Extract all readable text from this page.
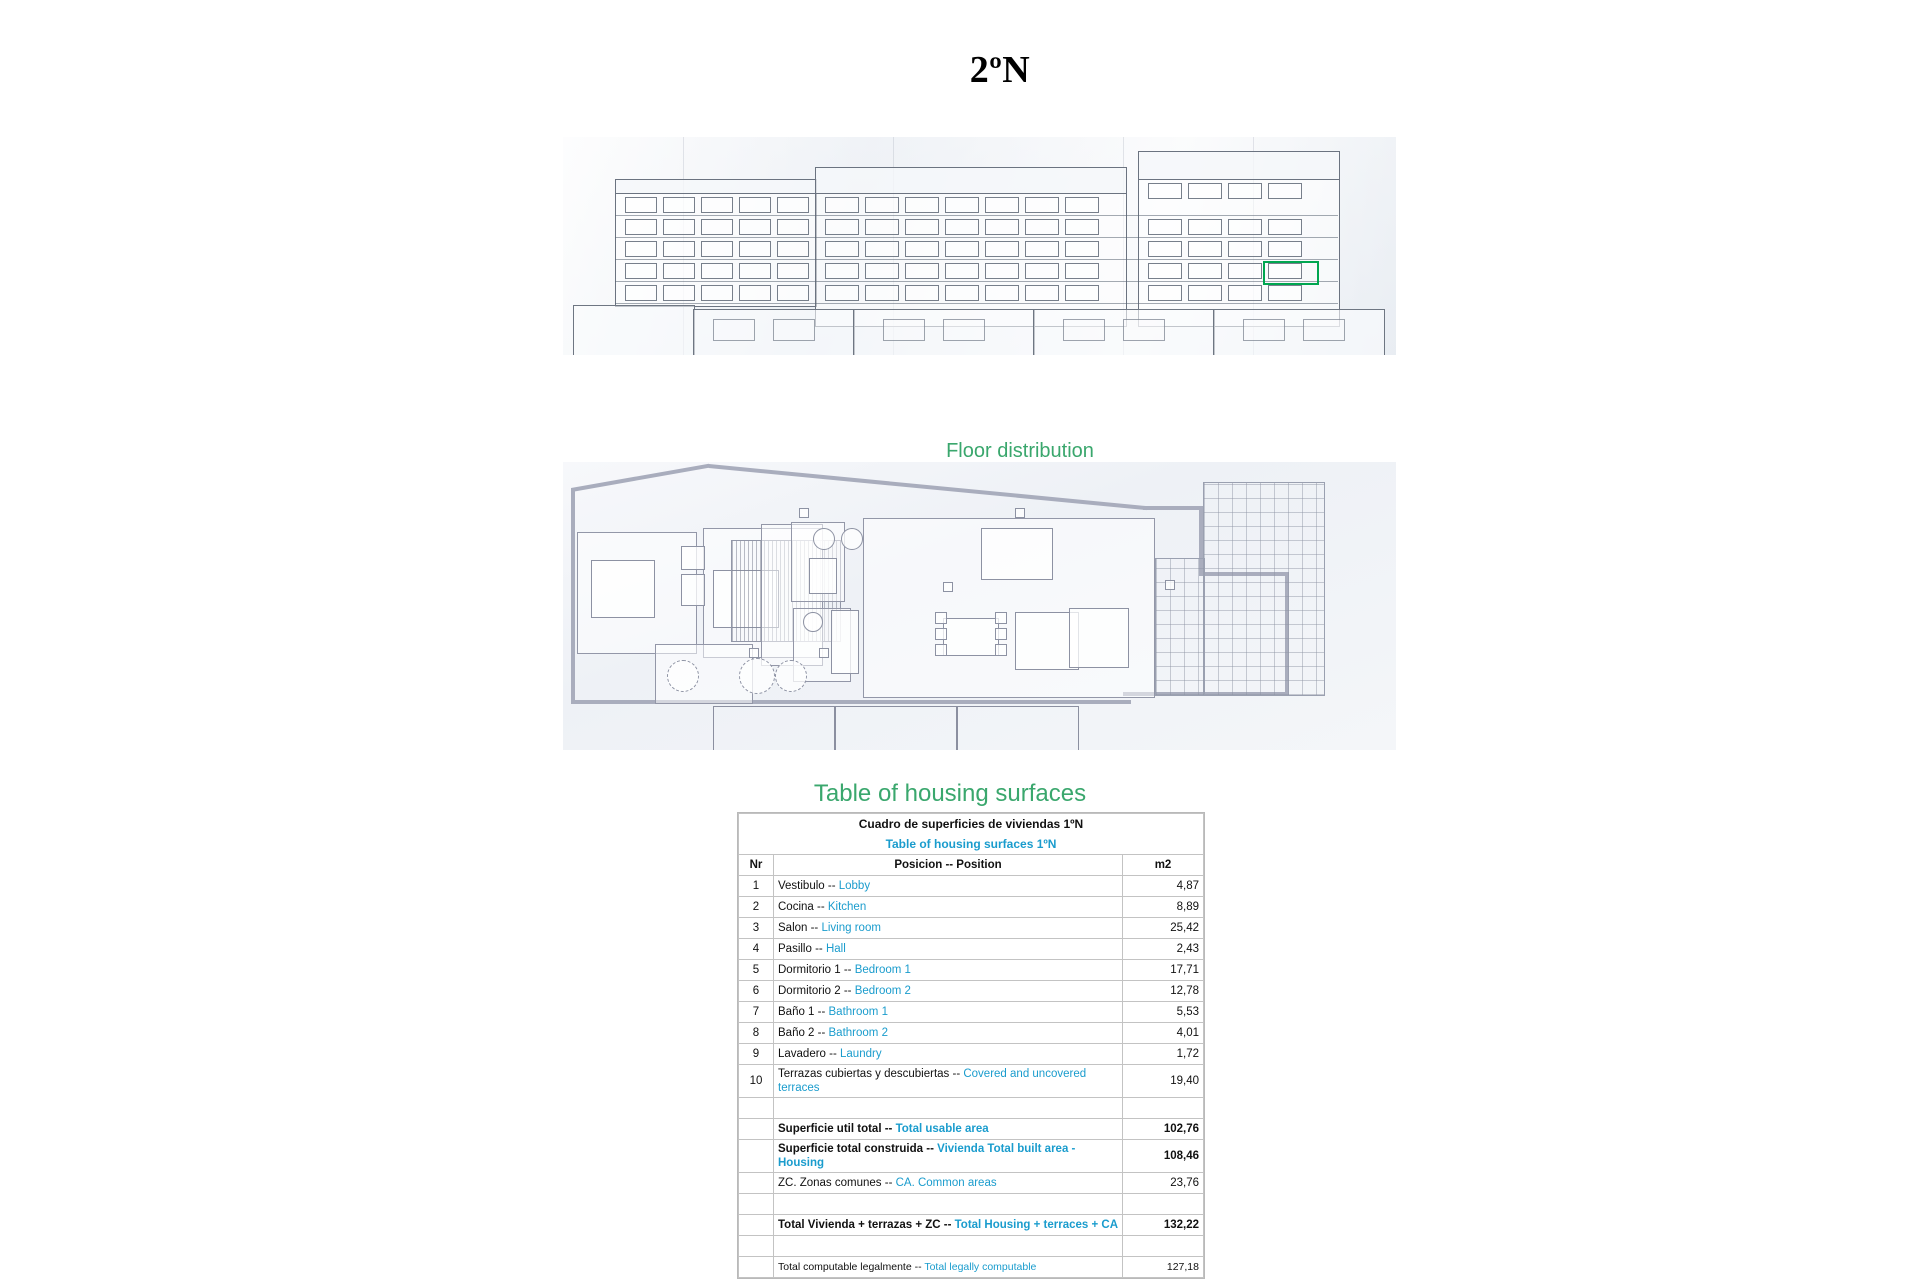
2ºN
Floor distribution
Table of housing surfaces
Cuadro de superficies de viviendas 1ºN		
Table of housing surfaces 1ºN		
Nr	Posicion -- Position	m2
1	Vestibulo -- Lobby	4,87
2	Cocina -- Kitchen	8,89
3	Salon -- Living room	25,42
4	Pasillo -- Hall	2,43
5	Dormitorio 1 -- Bedroom 1	17,71
6	Dormitorio 2 -- Bedroom 2	12,78
7	Baño 1 -- Bathroom 1	5,53
8	Baño 2 -- Bathroom 2	4,01
9	Lavadero -- Laundry	1,72
10	Terrazas cubiertas y descubiertas -- Covered and uncovered terraces	19,40

	Superficie util total -- Total usable area	102,76
	Superficie total construida -- Vivienda Total built area - Housing	108,46
	ZC. Zonas comunes -- CA. Common areas	23,76

	Total Vivienda + terrazas + ZC -- Total Housing + terraces + CA	132,22

	Total computable legalmente -- Total legally computable	127,18
